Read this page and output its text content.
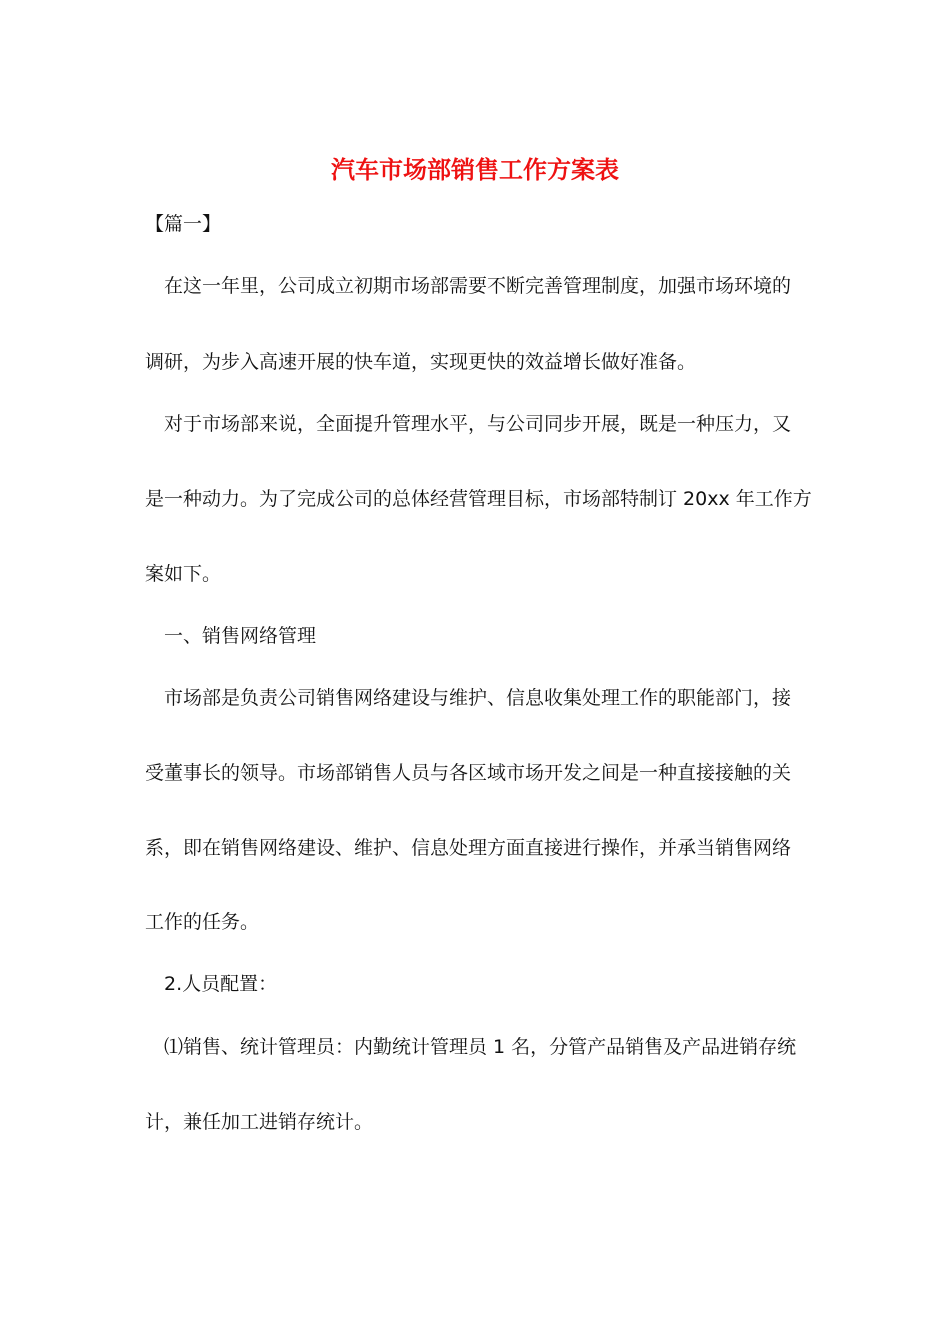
汽车市场部销售工作方案表
【篇一】
在这一年里，公司成立初期市场部需要不断完善管理制度，加强市场环境的
调研，为步入高速开展的快车道，实现更快的效益增长做好准备。
对于市场部来说，全面提升管理水平，与公司同步开展，既是一种压力，又
是一种动力。为了完成公司的总体经营管理目标，市场部特制订 20xx 年工作方
案如下。
一、销售网络管理
市场部是负责公司销售网络建设与维护、信息收集处理工作的职能部门，接
受董事长的领导。市场部销售人员与各区域市场开发之间是一种直接接触的关
系，即在销售网络建设、维护、信息处理方面直接进行操作，并承当销售网络
工作的任务。
2.人员配置：
⑴销售、统计管理员：内勤统计管理员 1 名，分管产品销售及产品进销存统
计，兼任加工进销存统计。
